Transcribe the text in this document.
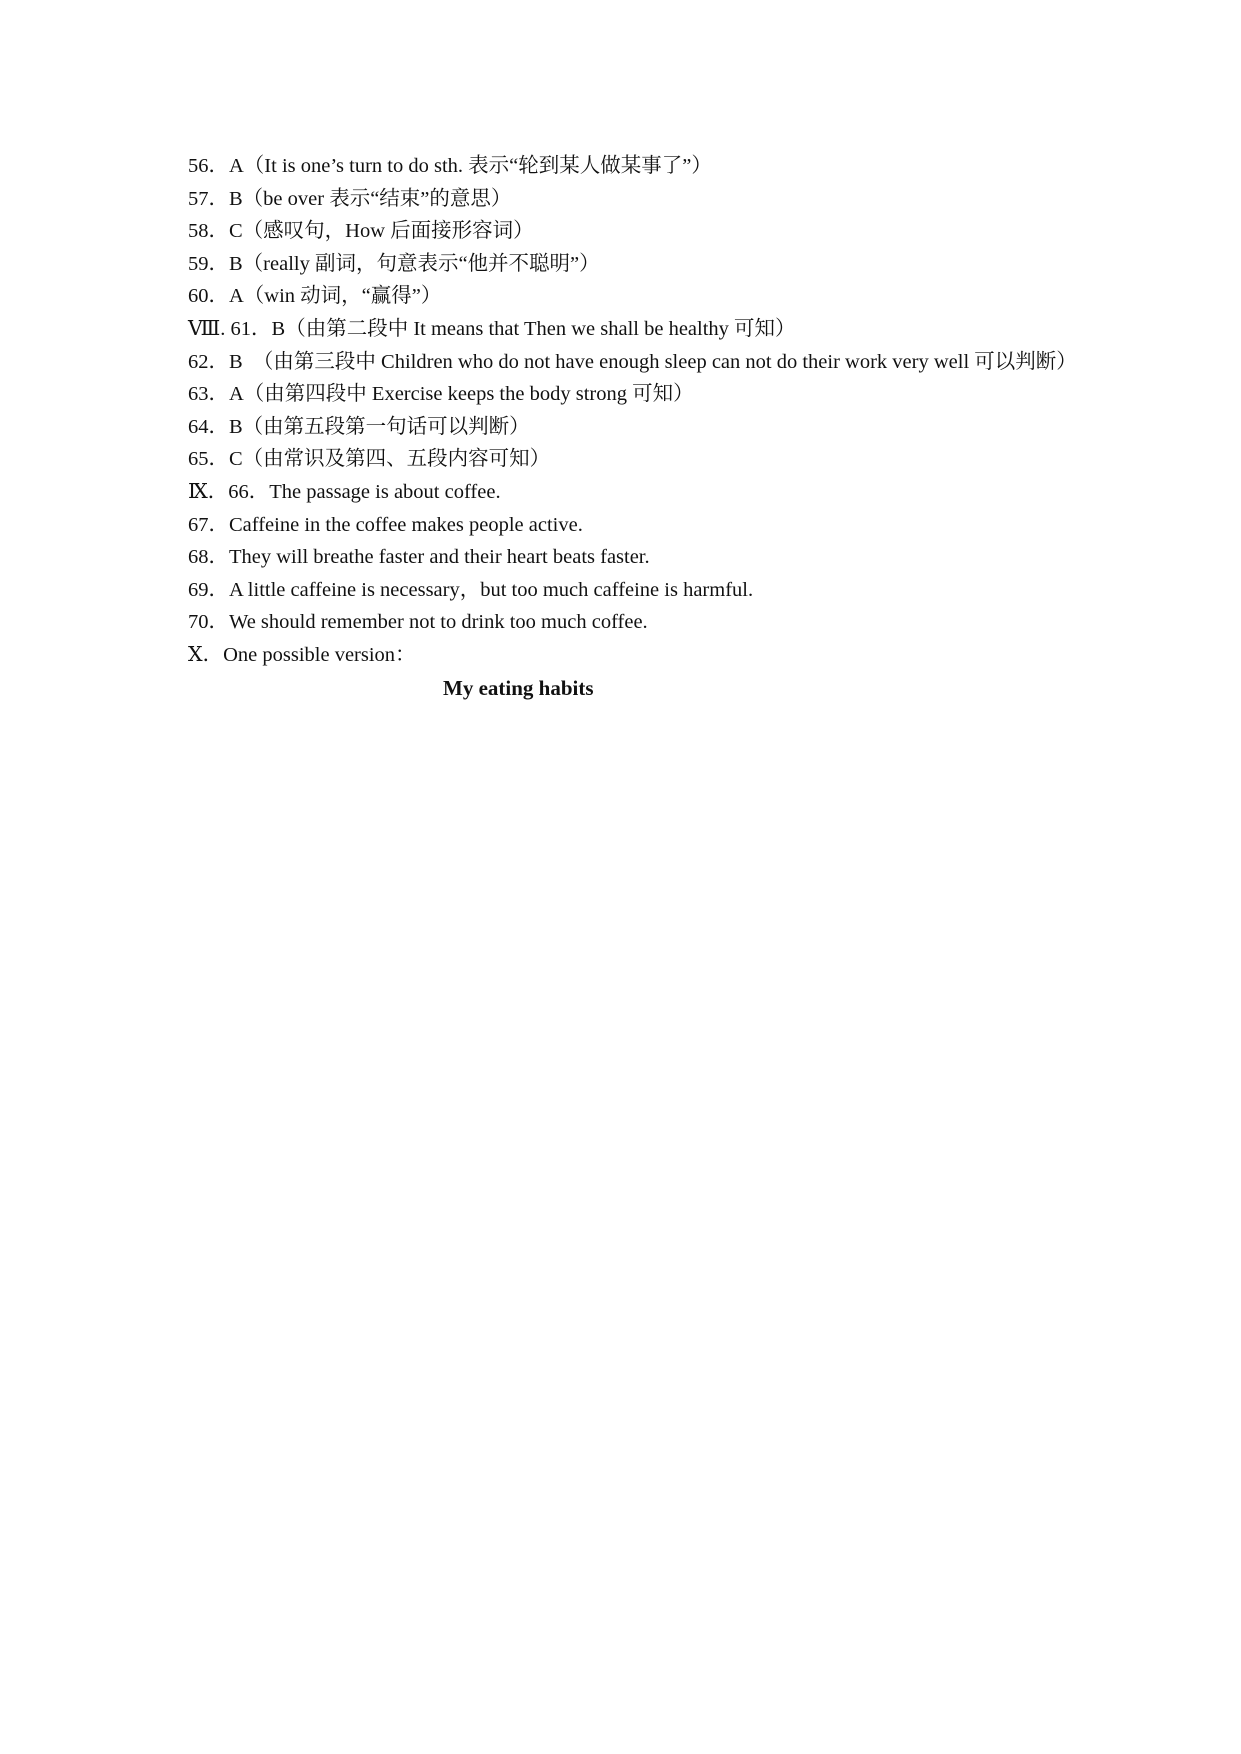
56．A（It is one’s turn to do sth. 表示“轮到某人做某事了”）

57．B（be over 表示“结束”的意思）

58．C（感叹句，How 后面接形容词）

59．B（really 副词，句意表示“他并不聪明”）

60．A（win 动词，“赢得”）

Ⅷ. 61．B（由第二段中 It means that Then we shall be healthy 可知）

62．B　（由第三段中 Children who do not have enough sleep can not do their work very well 可以判断）

63．A（由第四段中 Exercise keeps the body strong 可知）

64．B（由第五段第一句话可以判断）

65．C（由常识及第四、五段内容可知）

Ⅸ．66．The passage is about coffee.

67．Caffeine in the coffee makes people active.

68．They will breathe faster and their heart beats faster.

69．A little caffeine is necessary，but too much caffeine is harmful.

70．We should remember not to drink too much coffee.

Ⅹ．One possible version：

My eating habits
